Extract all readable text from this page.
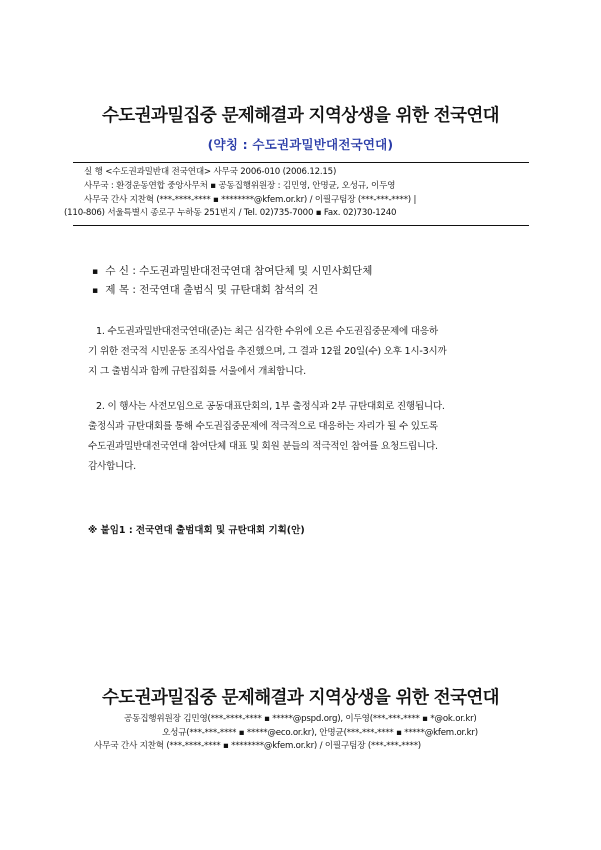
수도권과밀집중 문제해결과 지역상생을 위한 전국연대
(약칭 : 수도권과밀반대전국연대)
실 행 <수도권과밀반대 전국연대> 사무국 2006-010 (2006.12.15)
사무국 : 환경운동연합 중앙사무처 ▪ 공동집행위원장 : 김민영, 안명균, 오성규, 이두영
사무국 간사 지찬혁 (***-****-**** ▪ ********@kfem.or.kr) / 이필구팀장 (***-***-****) |
(110-806) 서울특별시 종로구 누하동 251번지 / Tel. 02)735-7000 ▪ Fax. 02)730-1240
▪ 수 신 : 수도권과밀반대전국연대 참여단체 및 시민사회단체
▪ 제 목 : 전국연대 출범식 및 규탄대회 참석의 건
1. 수도권과밀반대전국연대(준)는 최근 심각한 수위에 오른 수도권집중문제에 대응하
기 위한 전국적 시민운동 조직사업을 추진했으며, 그 결과 12월 20일(수) 오후 1시-3시까
지 그 출범식과 함께 규탄집회를 서울에서 개최합니다.
2. 이 행사는 사전모임으로 공동대표단회의, 1부 출정식과 2부 규탄대회로 진행됩니다.
출정식과 규탄대회를 통해 수도권집중문제에 적극적으로 대응하는 자리가 될 수 있도록
수도권과밀반대전국연대 참여단체 대표 및 회원 분들의 적극적인 참여를 요청드립니다.
감사합니다.
※ 붙임1 : 전국연대 출범대회 및 규탄대회 기획(안)
수도권과밀집중 문제해결과 지역상생을 위한 전국연대
공동집행위원장 김민영(***-****-**** ▪ *****@pspd.org), 이두영(***-***-**** ▪ *@ok.or.kr)
오성규(***-***-**** ▪ *****@eco.or.kr), 안명균(***-***-**** ▪ *****@kfem.or.kr)
사무국 간사 지찬혁 (***-****-**** ▪ ********@kfem.or.kr) / 이필구팀장 (***-***-****)
